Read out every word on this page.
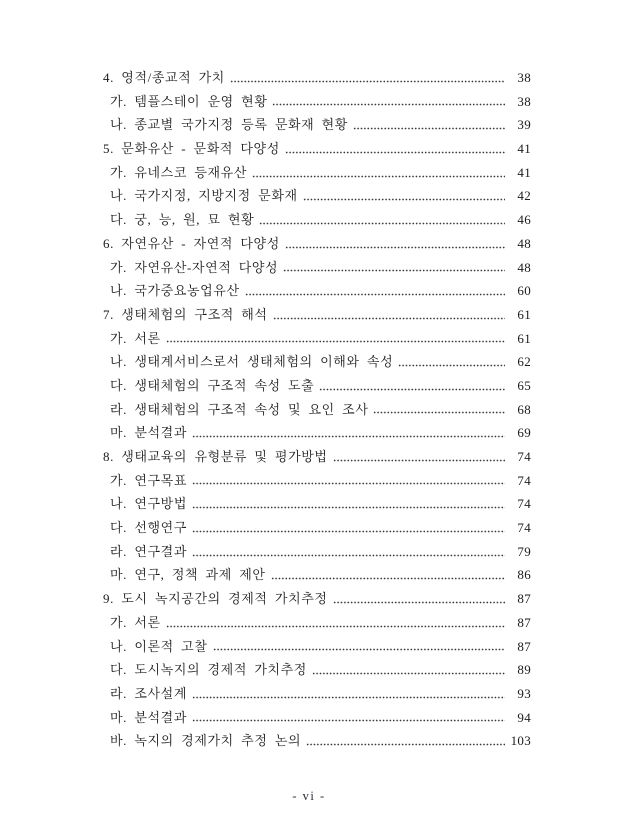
4. 영적/종교적 가치	38
가. 템플스테이 운영 현황	38
나. 종교별 국가지정 등록 문화재 현황	39
5. 문화유산 - 문화적 다양성	41
가. 유네스코 등재유산	41
나. 국가지정, 지방지정 문화재	42
다. 궁, 능, 원, 묘 현황	46
6. 자연유산 - 자연적 다양성	48
가. 자연유산-자연적 다양성	48
나. 국가중요농업유산	60
7. 생태체험의 구조적 해석	61
가. 서론	61
나. 생태계서비스로서 생태체험의 이해와 속성	62
다. 생태체험의 구조적 속성 도출	65
라. 생태체험의 구조적 속성 및 요인 조사	68
마. 분석결과	69
8. 생태교육의 유형분류 및 평가방법	74
가. 연구목표	74
나. 연구방법	74
다. 선행연구	74
라. 연구결과	79
마. 연구, 정책 과제 제안	86
9. 도시 녹지공간의 경제적 가치추정	87
가. 서론	87
나. 이론적 고찰	87
다. 도시녹지의 경제적 가치추정	89
라. 조사설계	93
마. 분석결과	94
바. 녹지의 경제가치 추정 논의	103
- vi -
